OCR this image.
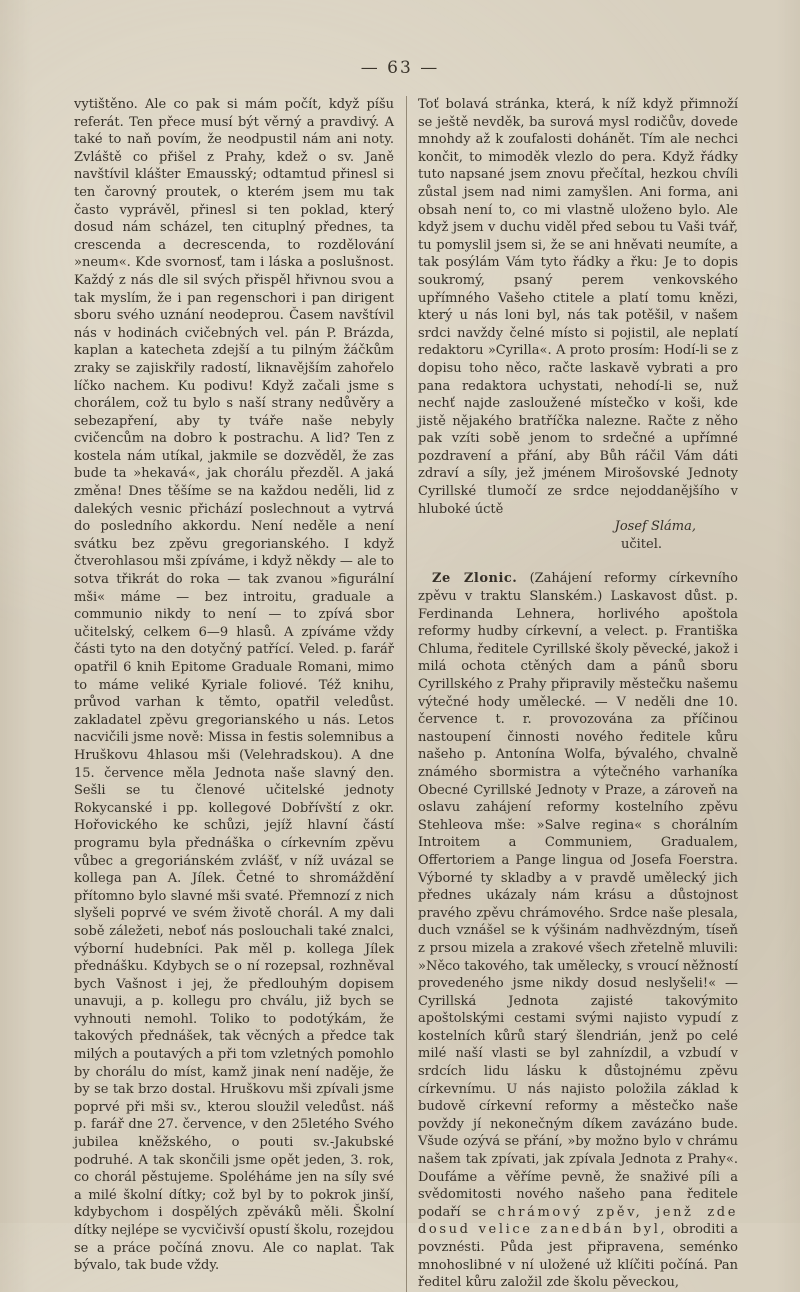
— 63 —

vytištěno. Ale co pak si mám počít, když píšu referát. Ten přece musí být věrný a pravdivý. A také to naň povím, že neodpustil nám ani noty. Zvláště co přišel z Prahy, kdež o sv. Janě navštívil klášter Emausský; odtamtud přinesl si ten čarovný proutek, o kterém jsem mu tak často vyprávěl, přinesl si ten poklad, který dosud nám scházel, ten cituplný přednes, ta crescenda a decrescenda, to rozdělování »neum«. Kde svornosť, tam i láska a poslušnost. Každý z nás dle sil svých přispěl hřivnou svou a tak myslím, že i pan regenschori i pan dirigent sboru svého uznání neodeprou. Časem navštívil nás v hodinách cvičebných vel. pán P. Brázda, kaplan a katecheta zdejší a tu pilným žáčkům zraky se zajiskřily radostí, liknavějším zahořelo líčko nachem. Ku podivu! Když začali jsme s chorálem, což tu bylo s naší strany nedůvěry a sebezapření, aby ty tváře naše nebyly cvičencům na dobro k postrachu. A lid? Ten z kostela nám utíkal, jakmile se dozvěděl, že zas bude ta »hekavá«, jak chorálu přezděl. A jaká změna! Dnes těšíme se na každou neděli, lid z dalekých vesnic přichází poslechnout a vytrvá do posledního akkordu. Není neděle a není svátku bez zpěvu gregorianského. I když čtverohlasou mši zpíváme, i když někdy — ale to sotva třikrát do roka — tak zvanou »figurální mši« máme — bez introitu, graduale a communio nikdy to není — to zpívá sbor učitelský, celkem 6—9 hlasů. A zpíváme vždy části tyto na den dotyčný patřící. Veled. p. farář opatřil 6 knih Epitome Graduale Romani, mimo to máme veliké Kyriale foliové. Též knihu, průvod varhan k těmto, opatřil veledůst. zakladatel zpěvu gregorianského u nás. Letos nacvičili jsme nově: Missa in festis solemnibus a Hruškovu 4hlasou mši (Velehradskou). A dne 15. července měla Jednota naše slavný den. Sešli se tu členové učitelské jednoty Rokycanské i pp. kollegové Dobřívští z okr. Hořovického ke schůzi, jejíž hlavní částí programu byla přednáška o církevním zpěvu vůbec a gregoriánském zvlášť, v níž uvázal se kollega pan A. Jílek. Četné to shromáždění přítomno bylo slavné mši svaté. Přemnozí z nich slyšeli poprvé ve svém životě chorál. A my dali sobě záležeti, neboť nás poslouchali také znalci, výborní hudebníci. Pak měl p. kollega Jílek přednášku. Kdybych se o ní rozepsal, rozhněval bych Vašnost i jej, že předlouhým dopisem unavuji, a p. kollegu pro chválu, již bych se vyhnouti nemohl. Toliko to podotýkám, že takových přednášek, tak věcných a předce tak milých a poutavých a při tom vzletných pomohlo by chorálu do míst, kamž jinak není naděje, že by se tak brzo dostal. Hruškovu mši zpívali jsme poprvé při mši sv., kterou sloužil veledůst. náš p. farář dne 27. července, v den 25letého Svého jubilea kněžského, o pouti sv.-Jakubské podruhé. A tak skončili jsme opět jeden, 3. rok, co chorál pěstujeme. Spoléháme jen na síly své a milé školní dítky; což byl by to pokrok jinší, kdybychom i dospělých zpěváků měli. Školní dítky nejlépe se vycvičivší opustí školu, rozejdou se a práce počíná znovu. Ale co naplat. Tak bývalo, tak bude vždy.

Toť bolavá stránka, která, k níž když přimnoží se ještě nevděk, ba surová mysl rodičův, dovede mnohdy až k zoufalosti dohánět. Tím ale nechci končit, to mimoděk vlezlo do pera. Když řádky tuto napsané jsem znovu přečítal, hezkou chvíli zůstal jsem nad nimi zamyšlen. Ani forma, ani obsah není to, co mi vlastně uloženo bylo. Ale když jsem v duchu viděl před sebou tu Vaši tvář, tu pomyslil jsem si, že se ani hněvati neumíte, a tak posýlám Vám tyto řádky a řku: Je to dopis soukromý, psaný perem venkovského upřímného Vašeho ctitele a platí tomu knězi, který u nás loni byl, nás tak potěšil, v našem srdci navždy čelné místo si pojistil, ale neplatí redaktoru »Cyrilla«. A proto prosím: Hodí-li se z dopisu toho něco, račte laskavě vybrati a pro pana redaktora uchystati, nehodí-li se, nuž nechť najde zasloužené místečko v koši, kde jistě nějakého bratříčka nalezne. Račte z něho pak vzíti sobě jenom to srdečné a upřímné pozdravení a přání, aby Bůh ráčil Vám dáti zdraví a síly, jež jménem Mirošovské Jednoty Cyrillské tlumočí ze srdce nejoddanějšího v hluboké úctě

Josef Sláma,

učitel.

Ze Zlonic. (Zahájení reformy církevního zpěvu v traktu Slanském.) Laskavost důst. p. Ferdinanda Lehnera, horlivého apoštola reformy hudby církevní, a velect. p. Františka Chluma, ředitele Cyrillské školy pěvecké, jakož i milá ochota ctěných dam a pánů sboru Cyrillského z Prahy připravily městečku našemu výtečné hody umělecké. — V neděli dne 10. července t. r. provozována za příčinou nastoupení činnosti nového ředitele kůru našeho p. Antonína Wolfa, bývalého, chvalně známého sbormistra a výtečného varhaníka Obecné Cyrillské Jednoty v Praze, a zároveň na oslavu zahájení reformy kostelního zpěvu Stehleova mše: »Salve regina« s chorálním Introitem a Communiem, Gradualem, Offertoriem a Pange lingua od Josefa Foerstra. Výborné ty skladby a v pravdě umělecký jich přednes ukázaly nám krásu a důstojnost pravého zpěvu chrámového. Srdce naše plesala, duch vznášel se k výšinám nadhvězdným, tíseň z prsou mizela a zrakové všech zřetelně mluvili: »Něco takového, tak umělecky, s vroucí něžností provedeného jsme nikdy dosud neslyšeli!« — Cyrillská Jednota zajisté takovýmito apoštolskými cestami svými najisto vypudí z kostelních kůrů starý šlendrián, jenž po celé milé naší vlasti se byl zahnízdil, a vzbudí v srdcích lidu lásku k důstojnému zpěvu církevnímu. U nás najisto položila základ k budově církevní reformy a městečko naše povždy jí nekonečným díkem zavázáno bude. Všude ozývá se přání, »by možno bylo v chrámu našem tak zpívati, jak zpívala Jednota z Prahy«. Doufáme a věříme pevně, že snaživé píli a svědomitosti nového našeho pana ředitele podaří se chrámový zpěv, jenž zde dosud velice zanedbán byl, obroditi a povznésti. Půda jest připravena, seménko mnohoslibné v ní uložené už klíčiti počíná. Pan ředitel kůru založil zde školu pěveckou,
